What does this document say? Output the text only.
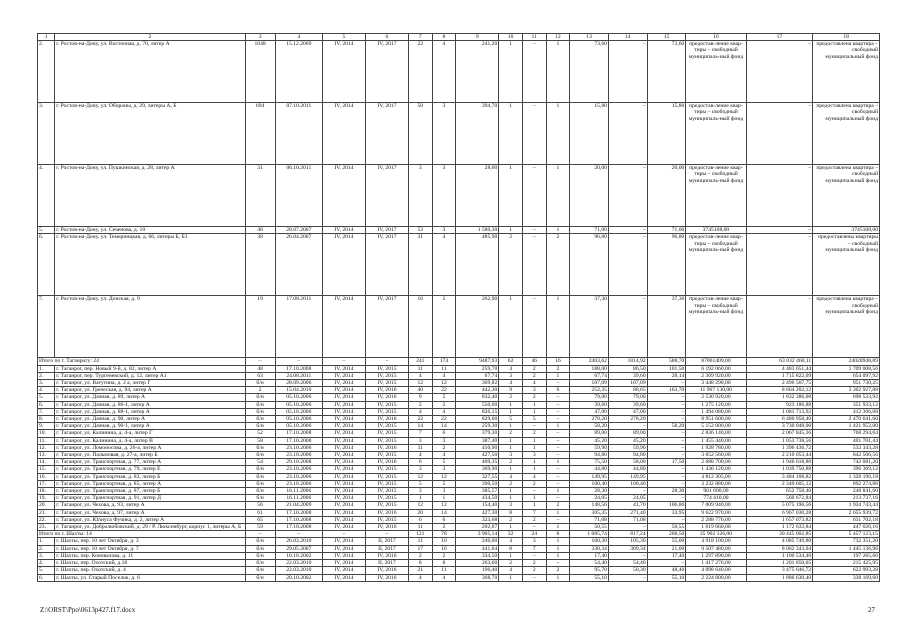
1	2	3	4	5	6	7	8	9	10	11	12	13	14	15	16	17	18
2.	г. Ростов-на-Дону, ул. Восточная, д. 70, литер А	1048	15.12.2009	IV, 2014	IV, 2017	22	4	241,20	1	–	1	73,60	–	73,60	предостав-ление квар-тиры – свободный муниципаль-ный фонд	–	предоставлена квартира – свободный муниципальный фонд
3.	г. Ростов-на-Дону, ул. Обороны, д. 29, литеры А, Б	694	07.10.2011	IV, 2014	IV, 2017	50	3	394,70	1	–	1	15,80	–	15,80	предостав-ление квар-тиры – свободный муниципаль-ный фонд	–	предоставлена квартира – свободный муниципальный фонд
4.	г. Ростов-на-Дону, ул. Пушкинская, д. 28, литер А	31	06.10.2011	IV, 2014	IV, 2017	3	3	28,60	1	–	1	20,00	–	20,00	предостав-ление квар-тиры – свободный муниципаль-ный фонд	–	предоставлена квартира – свободный муниципальный фонд
5.	г. Ростов-на-Дону, ул. Сеченова, д. 10	48	28.07.2007	IV, 2014	IV, 2017	53	3	1 580,30	1	–	1	71,00	–	71,00	3745108,00	–	3745108,00
6.	г. Ростов-на-Дону, ул. Темерницкая, д. 66, литеры Б, Б1	38	26.04.2007	IV, 2014	IV, 2017	31	4	485,90	2	–	2	96,80	–	96,80	предостав-ление квар-тиры – свободный муниципаль-ный фонд	–	предоставлены квартиры – свободный муниципальный фонд
7.	г. Ростов-на-Дону, ул. Донская, д. 9	19	17.08.2011	IV, 2014	IV, 2017	16	2	262,90	1	–	1	37,30	–	37,30	предостав-ление квар-тиры – свободный муниципаль-ный фонд	–	предоставлена квартира – свободный муниципальный фонд
Итого по г. Таганрогу: 24		–	–	–	–	241	174	9487,93	62	46	16	2403,62	1814,92	588,70	87061409,00	63 032 460,11	24028948,89
1.	г. Таганрог, пер. Новый 9-й, д. 82, литер А	48	17.10.2008	IV, 2014	IV, 2015	11	11	259,70	4	2	2	188,00	86,50	101,50	6 192 060,00	4 483 051,44	1 709 008,56
2.	г. Таганрог, пер. Тургеневский, д. 12, литер А1	63	24.08.2011	IV, 2014	IV, 2015	4	4	67,74	3	2	1	67,74	39,60	28,14	2 369 920,00	1 715 822,09	654 097,92
3.	г. Таганрог, ул. Ватутина, д. 2 а, литер Г	б/н	28.09.2006	IV, 2014	IV, 2015	12	12	369,82	4	4	–	107,09	107,09	–	3 448 298,00	2 496 567,75	951 730,25
4.	г. Таганрог, ул. Греческая, д. 94, литер А	2	15.04.2010	IV, 2014	IV, 2016	40	22	442,30	9	3	6	252,35	88,65	163,70	11 967 130,00	8 664 202,12	3 302 927,88
5.	г. Таганрог, ул. Дачная, д. 89, литер А	б/н	05.10.2006	IV, 2014	IV, 2016	9	5	832,40	2	2	–	79,00	79,00	–	2 530 920,00	1 832 386,08	698 533,92
6.	г. Таганрог, ул. Дачная, д. 86-1, литер А	б/н	05.10.2006	IV, 2014	IV, 2015	2	2	550,00	1	1	–	39,60	39,60	–	1 275 120,00	923 186,88	351 933,12
7.	г. Таганрог, ул. Дачная, д. 88-1, литер А	б/н	05.10.2006	IV, 2014	IV, 2015	4	4	826,15	1	1	–	47,00	47,00	–	1 494 080,00	1 081 713,92	412 366,08
8.	г. Таганрог, ул. Дачная, д. 90, литер А	б/н	05.10.2006	IV, 2014	IV, 2016	22	22	829,60	5	5	–	278,20	278,20	–	8 951 600,00	6 480 958,40	2 470 641,60
9.	г. Таганрог, ул. Дачная, д. 90-1, литер А	б/н	05.10.2006	IV, 2014	IV, 2015	14	14	259,30	1	–	1	58,20	–	58,20	5 152 000,00	3 730 048,00	1 421 952,00
10.	г. Таганрог, ул. Калинина, д. 4-а, литер Г	52	17.10.2008	IV, 2014	IV, 2015	7	6	379,30	2	2	–	89,00	89,00	–	2 836 140,00	2 067 845,36	768 294,64
11.	г. Таганрог, ул. Калинина, д. 4-а, литер В	58	17.10.2008	IV, 2014	IV, 2015	3	3	387,40	1	1	–	45,20	45,20	–	1 455 440,00	1 053 738,56	401 701,44
12.	г. Таганрог, ул. Ломоносова, д. 26-а, литер А	б/н	23.10.2006	IV, 2014	IV, 2016	11	2	410,90	1	1	–	59,90	59,90	–	1 928 780,00	1 396 436,72	532 343,28
13.	г. Таганрог, ул. Пальмовая, д. 27-а, литер Б	б/н	23.10.2006	IV, 2014	IV, 2015	4	4	427,50	3	3	–	94,80	94,80	–	3 052 560,00	2 210 053,44	842 506,56
14.	г. Таганрог, ул. Транспортная, д. 77, литер А	54	29.10.2008	IV, 2014	IV, 2016	6	5	409,35	2	1	1	75,50	58,00	17,50	2 688 700,00	1 946 618,80	742 081,20
15.	г. Таганрог, ул. Транспортная, д. 79, литер Е	б/н	23.10.2006	IV, 2014	IV, 2015	3	3	369,90	1	1	–	44,80	44,80	–	1 436 120,00	1 039 750,88	396 369,12
16.	г. Таганрог, ул. Транспортная, д. 83, литер Б	б/н	23.10.2006	IV, 2014	IV, 2015	12	12	327,55	4	4	–	149,95	149,95	–	4 812 305,00	3 484 108,82	1 328 196,18
17.	г. Таганрог, ул. Транспортная, д. 85, литер А	б/н	23.10.2006	IV, 2014	IV, 2015	5	5	390,50	2	2	–	100,40	100,40	–	3 232 880,00	2 340 605,12	892 274,88
18.	г. Таганрог, ул. Транспортная, д. 87, литер Б	б/н	16.11.2006	IV, 2014	IV, 2015	3	3	385,57	1	–	1	28,30	–	28,30	901 600,00	652 758,40	248 841,60
19.	г. Таганрог, ул. Транспортная, д. 91, литер Д	б/н	16.11.2006	IV, 2014	IV, 2015	1	1	434,50	1	1	–	24,05	24,05	–	774 410,00	560 672,84	213 737,16
20.	г. Таганрог, ул. Чехова, д. 93, литер А	56	21.04.2009	IV, 2014	IV, 2015	12	12	154,40	3	1	2	148,56	41,70	106,86	7 009 940,00	5 075 196,56	1 934 743,44
21.	г. Таганрог, ул. Чехова, д. 97, литер А	61	17.10.2008	IV, 2014	IV, 2016	20	14	427,30	8	7	1	305,35	271,40	33,95	9 622 970,00	6 967 030,28	2 655 939,72
22.	г. Таганрог, ул. Юлиуса Фучика, д. 2, литер А	65	17.10.2008	IV, 2014	IV, 2015	6	6	323,68	2	2	–	71,08	71,08	–	2 288 776,00	1 657 073,82	631 702,18
23.	г. Таганрог, ул. Добролюбовский, д. 29 / Р. Люксембург, корпус 1, литеры А, Б	59	17.10.2008	IV, 2014	IV, 2016	11	2	202,07	1	–	1	50,55	–	50,55	1 619 660,00	1 172 633,84	447 026,16
Итого по г. Шахты: 14		–	–	–	–	121	78	3 905,14	32	24	8	1 085,74	817,24	268,50	35 902 126,00	30 445 002,85	5 457 123,15
1.	г. Шахты, пер. 10 лет Октября, д. 3	б/н	26.03.2010	IV, 2014	II, 2017	11	10	246,00	4	3	1	160,30	105,30	55,00	4 918 100,00	4 085 749,80	732 351,20
2.	г. Шахты, пер. 10 лет Октября, д. 7	б/н	29.05.2007	IV, 2014	II, 2017	17	16	441,64	8	7	1	330,34	309,34	21,00	9 507 480,00	8 062 343,04	1 445 136,96
3.	г. Шахты, пер. Коновалова, д. 11	б/н	10.10.2002	IV, 2014	IV, 2016	2	2	334,50	1	–	1	17,40	–	17,40	1 297 890,00	1 100 534,40	197 265,60
4.	г. Шахты, пер. Охотский, д.18	б/н	22.03.2010	IV, 2014	II, 2017	8	8	263,60	2	2	–	54,40	54,40	–	1 417 276,00	1 201 850,05	215 425,95
5.	г. Шахты, пер. Охотский, д. 4	б/н	22.03.2010	IV, 2014	IV, 2016	21	11	196,40	4	2	2	95,70	50,30	48,40	4 098 640,00	3 475 646,72	622 993,28
6.	г. Шахты, ул. Старый Поселок, д. 6	б/н	20.10.2002	IV, 2014	IV, 2016	4	4	368,70	1	–	1	55,10	–	55,10	2 224 800,00	1 886 630,40	338 169,60
Z:\ORST\Ppo\0613p427.f17.docx	27
